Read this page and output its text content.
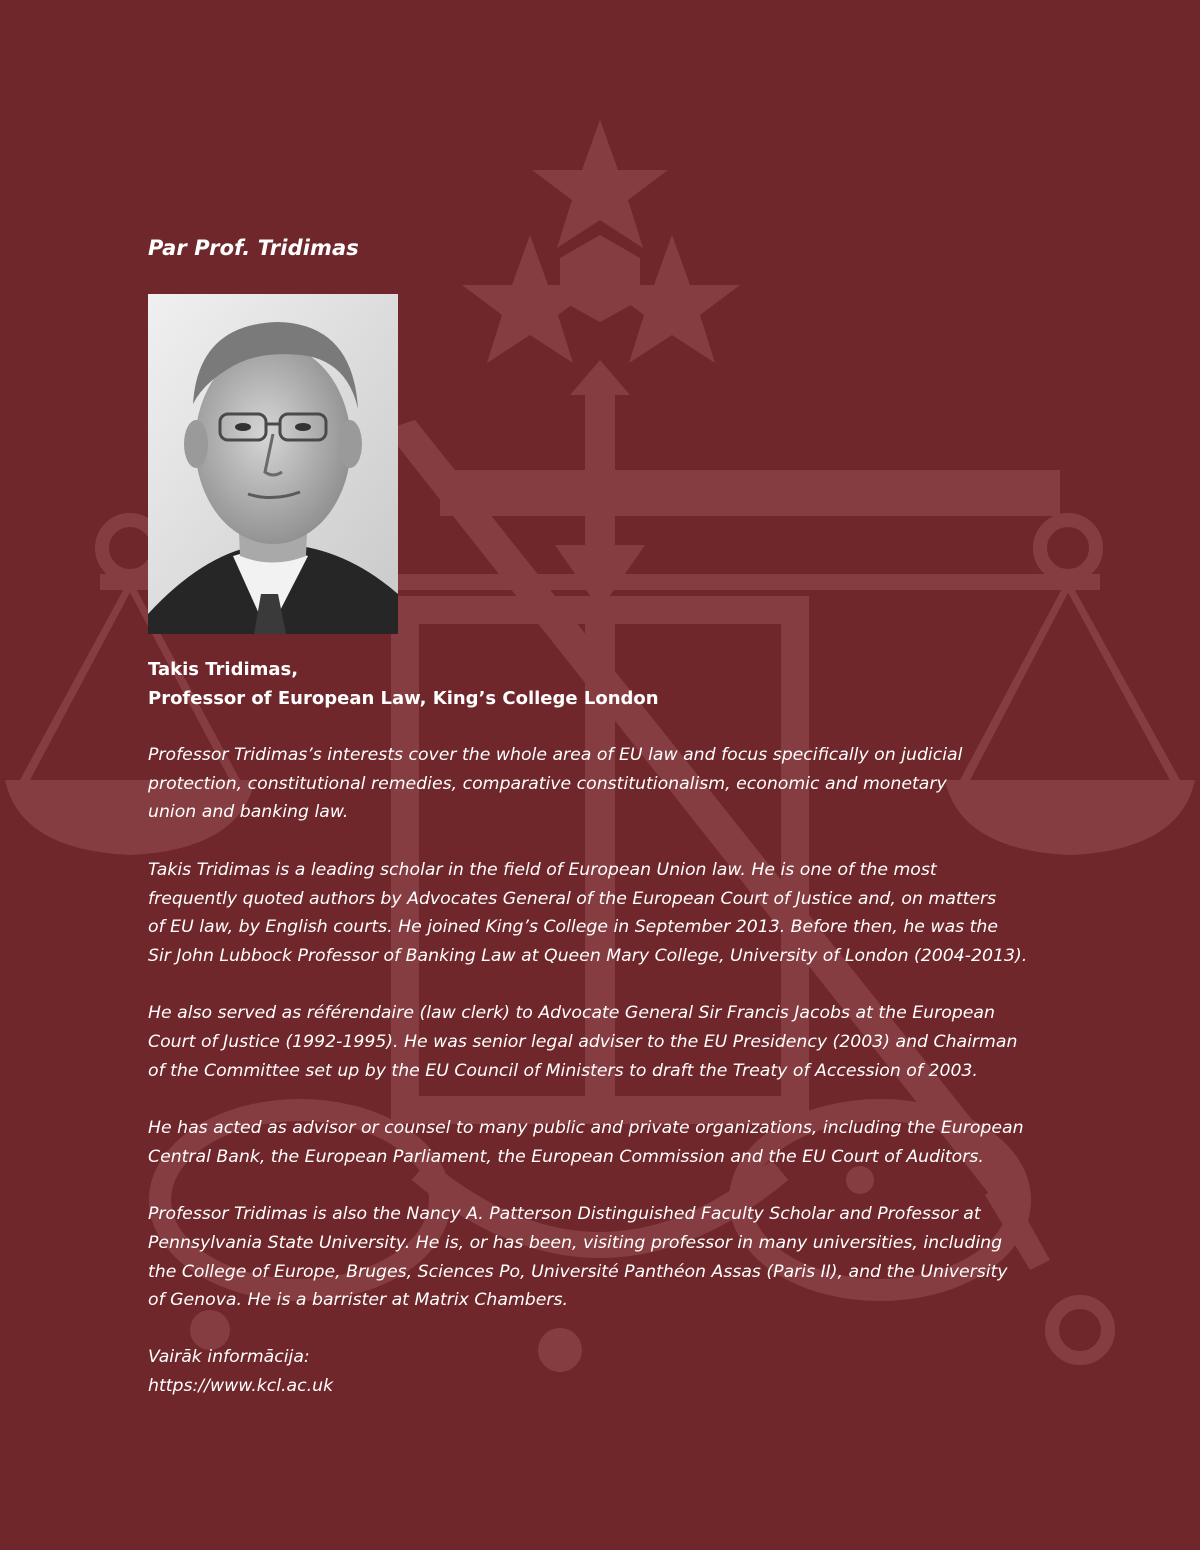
Par Prof. Tridimas
Takis Tridimas,
Professor of European Law, King’s College London

Professor Tridimas’s interests cover the whole area of EU law and focus specifically on judicial
protection, constitutional remedies, comparative constitutionalism, economic and monetary
union and banking law.

Takis Tridimas is a leading scholar in the field of European Union law. He is one of the most
frequently quoted authors by Advocates General of the European Court of Justice and, on matters
of EU law, by English courts. He joined King’s College in September 2013. Before then, he was the
Sir John Lubbock Professor of Banking Law at Queen Mary College, University of London (2004-2013).

He also served as référendaire (law clerk) to Advocate General Sir Francis Jacobs at the European
Court of Justice (1992-1995). He was senior legal adviser to the EU Presidency (2003) and Chairman
of the Committee set up by the EU Council of Ministers to draft the Treaty of Accession of 2003.

He has acted as advisor or counsel to many public and private organizations, including the European
Central Bank, the European Parliament, the European Commission and the EU Court of Auditors.

Professor Tridimas is also the Nancy A. Patterson Distinguished Faculty Scholar and Professor at
Pennsylvania State University. He is, or has been, visiting professor in many universities, including
the College of Europe, Bruges, Sciences Po, Université Panthéon Assas (Paris II), and the University
of Genova. He is a barrister at Matrix Chambers.

Vairāk informācija:
https://www.kcl.ac.uk
